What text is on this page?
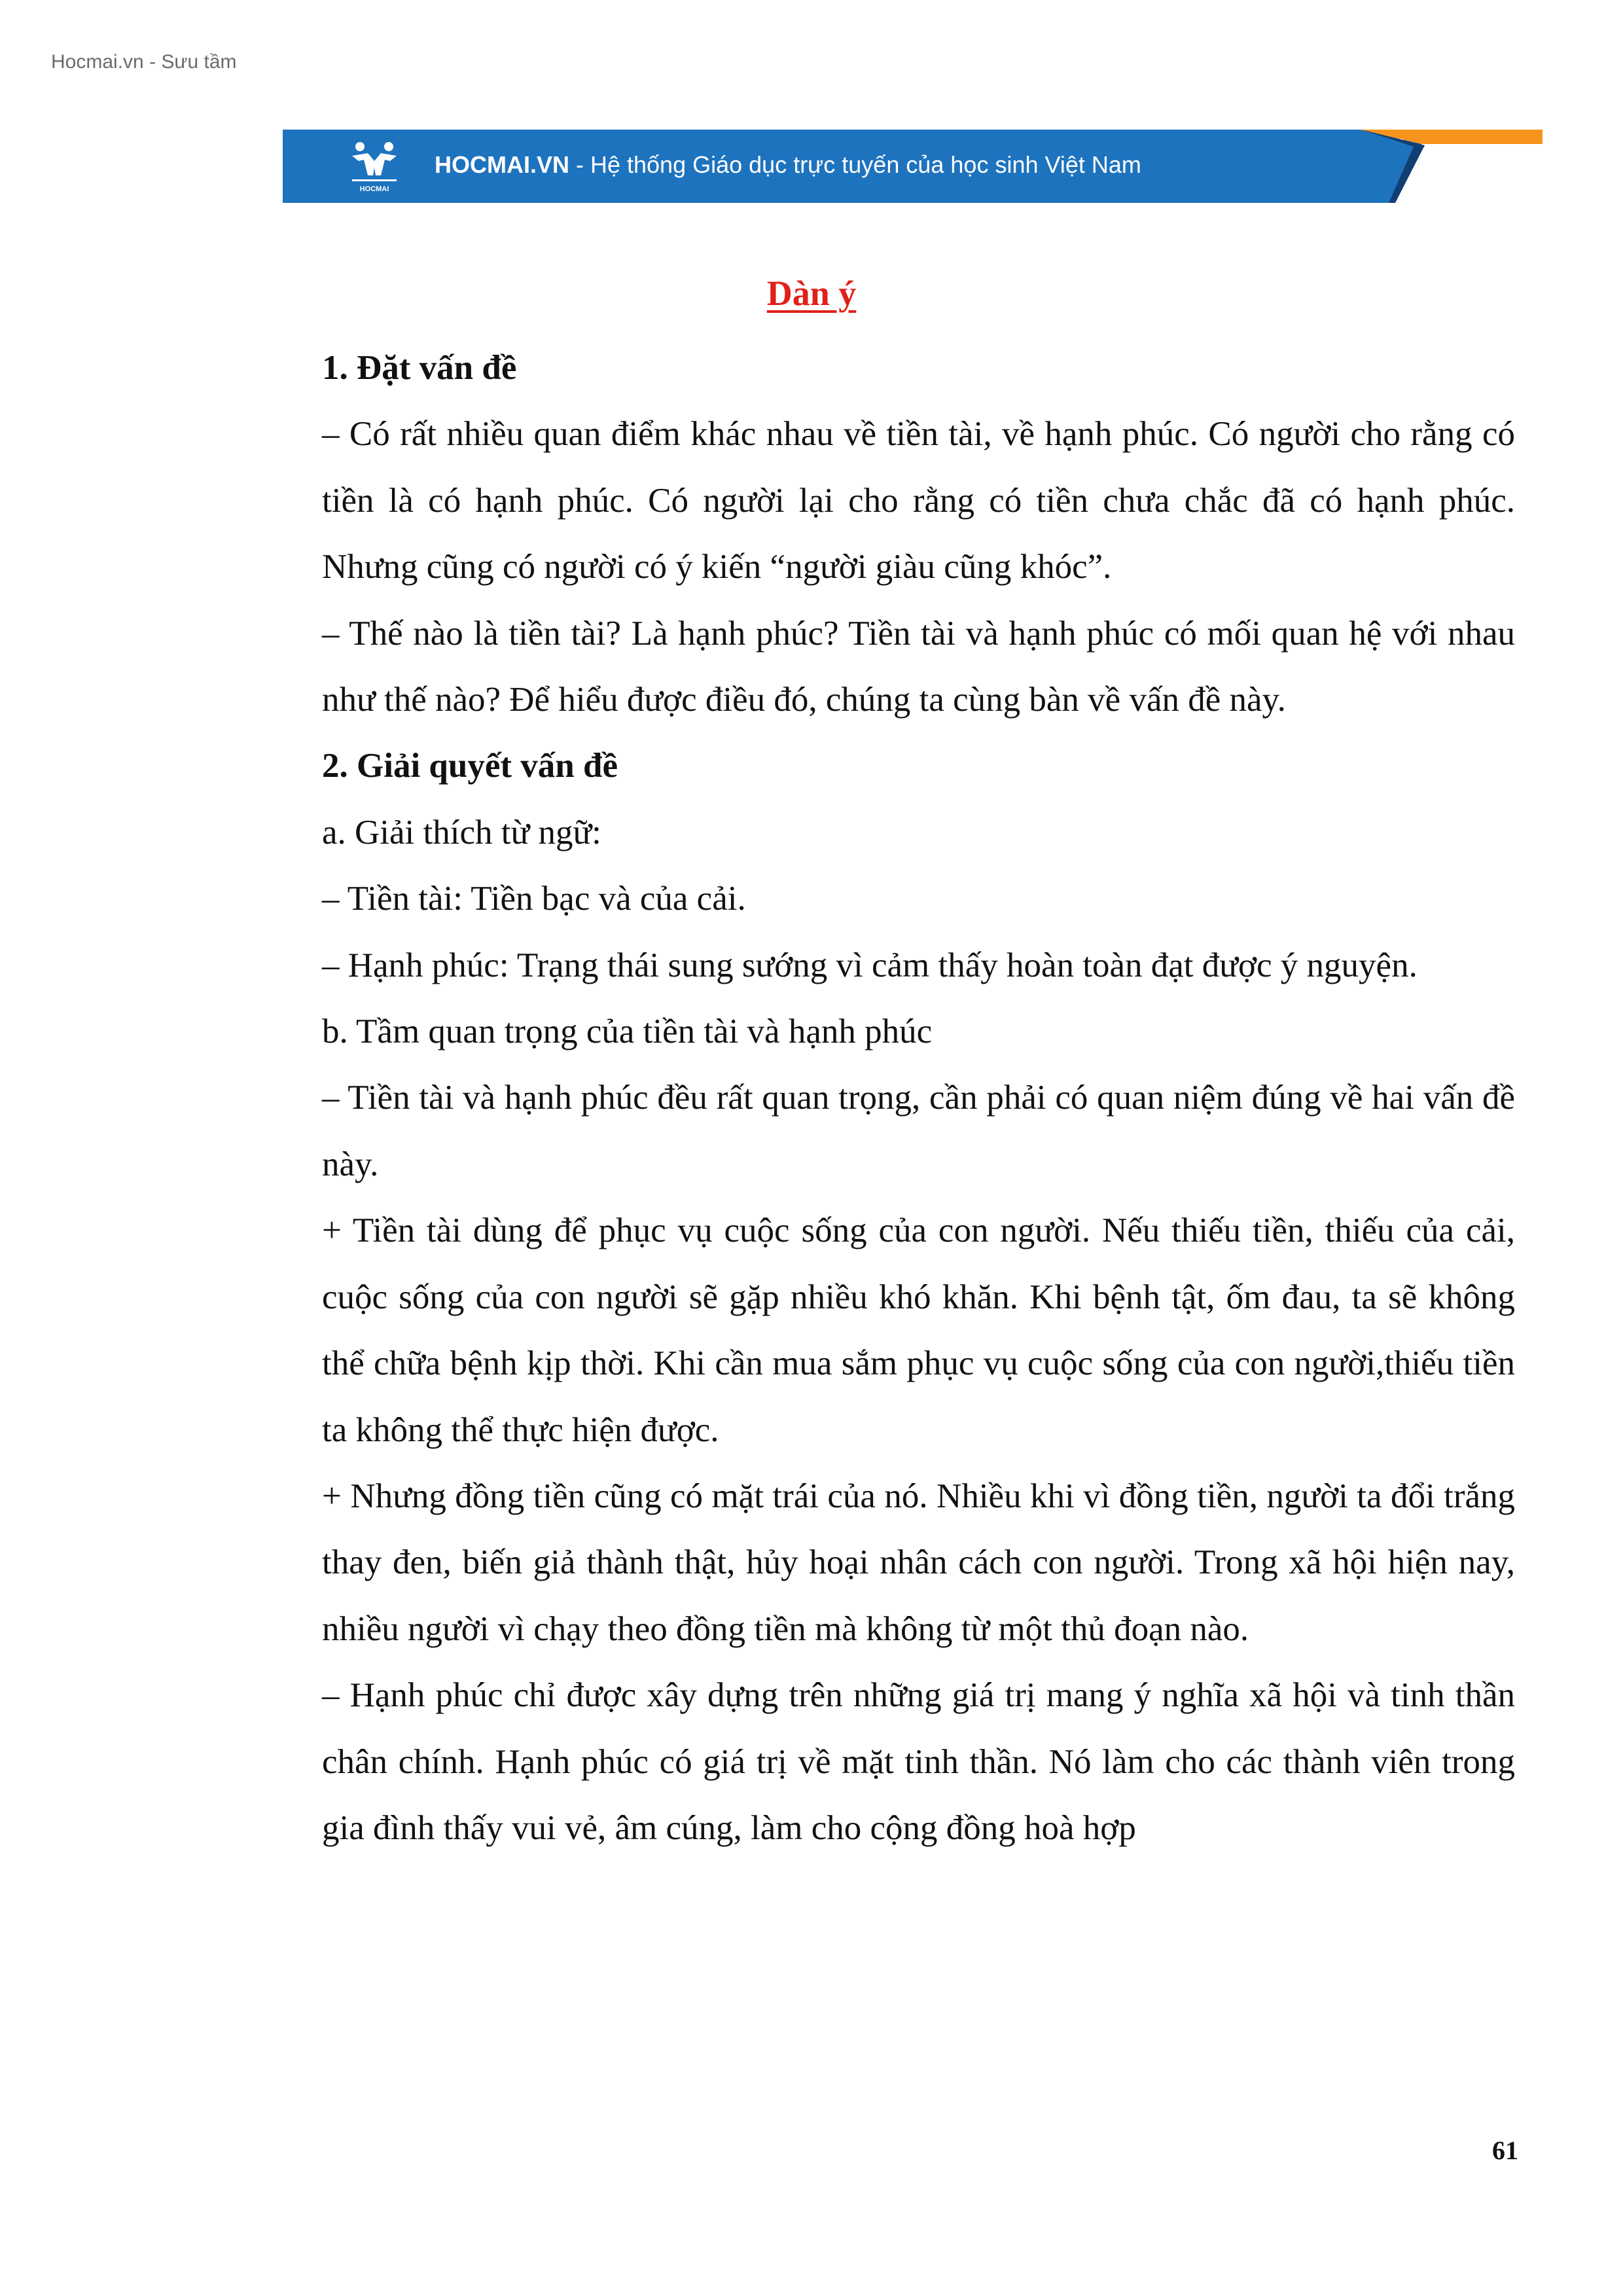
Hocmai.vn - Sưu tầm
HOCMAI
HOCMAI.VN - Hệ thống Giáo dục trực tuyến của học sinh Việt Nam
Dàn ý

1. Đặt vấn đề

– Có rất nhiều quan điểm khác nhau về tiền tài, về hạnh phúc. Có người cho rằng có tiền là có hạnh phúc. Có người lại cho rằng có tiền chưa chắc đã có hạnh phúc. Nhưng cũng có người có ý kiến “người giàu cũng khóc”.

– Thế nào là tiền tài? Là hạnh phúc? Tiền tài và hạnh phúc có mối quan hệ với nhau như thế nào? Để hiểu được điều đó, chúng ta cùng bàn về vấn đề này.

2. Giải quyết vấn đề

a. Giải thích từ ngữ:

– Tiền tài: Tiền bạc và của cải.

– Hạnh phúc: Trạng thái sung sướng vì cảm thấy hoàn toàn đạt được ý nguyện.

b. Tầm quan trọng của tiền tài và hạnh phúc

– Tiền tài và hạnh phúc đều rất quan trọng, cần phải có quan niệm đúng về hai vấn đề này.

+ Tiền tài dùng để phục vụ cuộc sống của con người. Nếu thiếu tiền, thiếu của cải, cuộc sống của con người sẽ gặp nhiều khó khăn. Khi bệnh tật, ốm đau, ta sẽ không thể chữa bệnh kịp thời. Khi cần mua sắm phục vụ cuộc sống của con người,thiếu tiền ta không thể thực hiện được.

+ Nhưng đồng tiền cũng có mặt trái của nó. Nhiều khi vì đồng tiền, người ta đổi trắng thay đen, biến giả thành thật, hủy hoại nhân cách con người. Trong xã hội hiện nay, nhiều người vì chạy theo đồng tiền mà không từ một thủ đoạn nào.

– Hạnh phúc chỉ được xây dựng trên những giá trị mang ý nghĩa xã hội và tinh thần chân chính. Hạnh phúc có giá trị về mặt tinh thần. Nó làm cho các thành viên trong gia đình thấy vui vẻ, âm cúng, làm cho cộng đồng hoà hợp

61
